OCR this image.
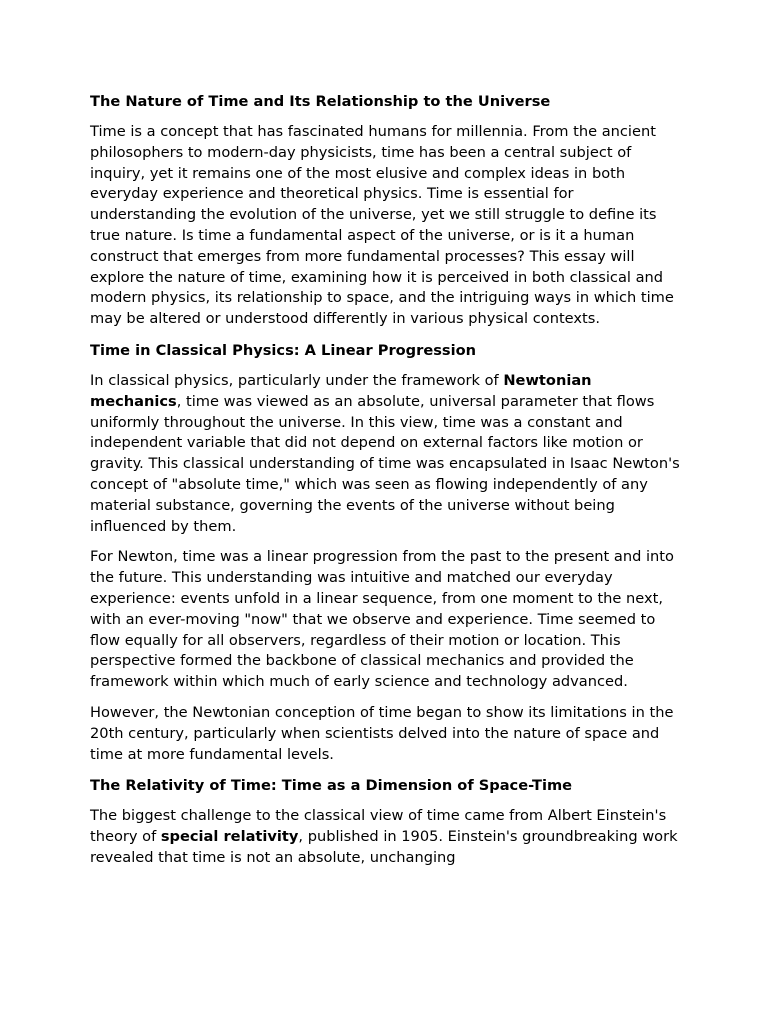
The Nature of Time and Its Relationship to the Universe

Time is a concept that has fascinated humans for millennia. From the ancient philosophers to modern-day physicists, time has been a central subject of inquiry, yet it remains one of the most elusive and complex ideas in both everyday experience and theoretical physics. Time is essential for understanding the evolution of the universe, yet we still struggle to define its true nature. Is time a fundamental aspect of the universe, or is it a human construct that emerges from more fundamental processes? This essay will explore the nature of time, examining how it is perceived in both classical and modern physics, its relationship to space, and the intriguing ways in which time may be altered or understood differently in various physical contexts.

Time in Classical Physics: A Linear Progression

In classical physics, particularly under the framework of Newtonian mechanics, time was viewed as an absolute, universal parameter that flows uniformly throughout the universe. In this view, time was a constant and independent variable that did not depend on external factors like motion or gravity. This classical understanding of time was encapsulated in Isaac Newton's concept of "absolute time," which was seen as flowing independently of any material substance, governing the events of the universe without being influenced by them.

For Newton, time was a linear progression from the past to the present and into the future. This understanding was intuitive and matched our everyday experience: events unfold in a linear sequence, from one moment to the next, with an ever-moving "now" that we observe and experience. Time seemed to flow equally for all observers, regardless of their motion or location. This perspective formed the backbone of classical mechanics and provided the framework within which much of early science and technology advanced.

However, the Newtonian conception of time began to show its limitations in the 20th century, particularly when scientists delved into the nature of space and time at more fundamental levels.

The Relativity of Time: Time as a Dimension of Space-Time

The biggest challenge to the classical view of time came from Albert Einstein's theory of special relativity, published in 1905. Einstein's groundbreaking work revealed that time is not an absolute, unchanging
